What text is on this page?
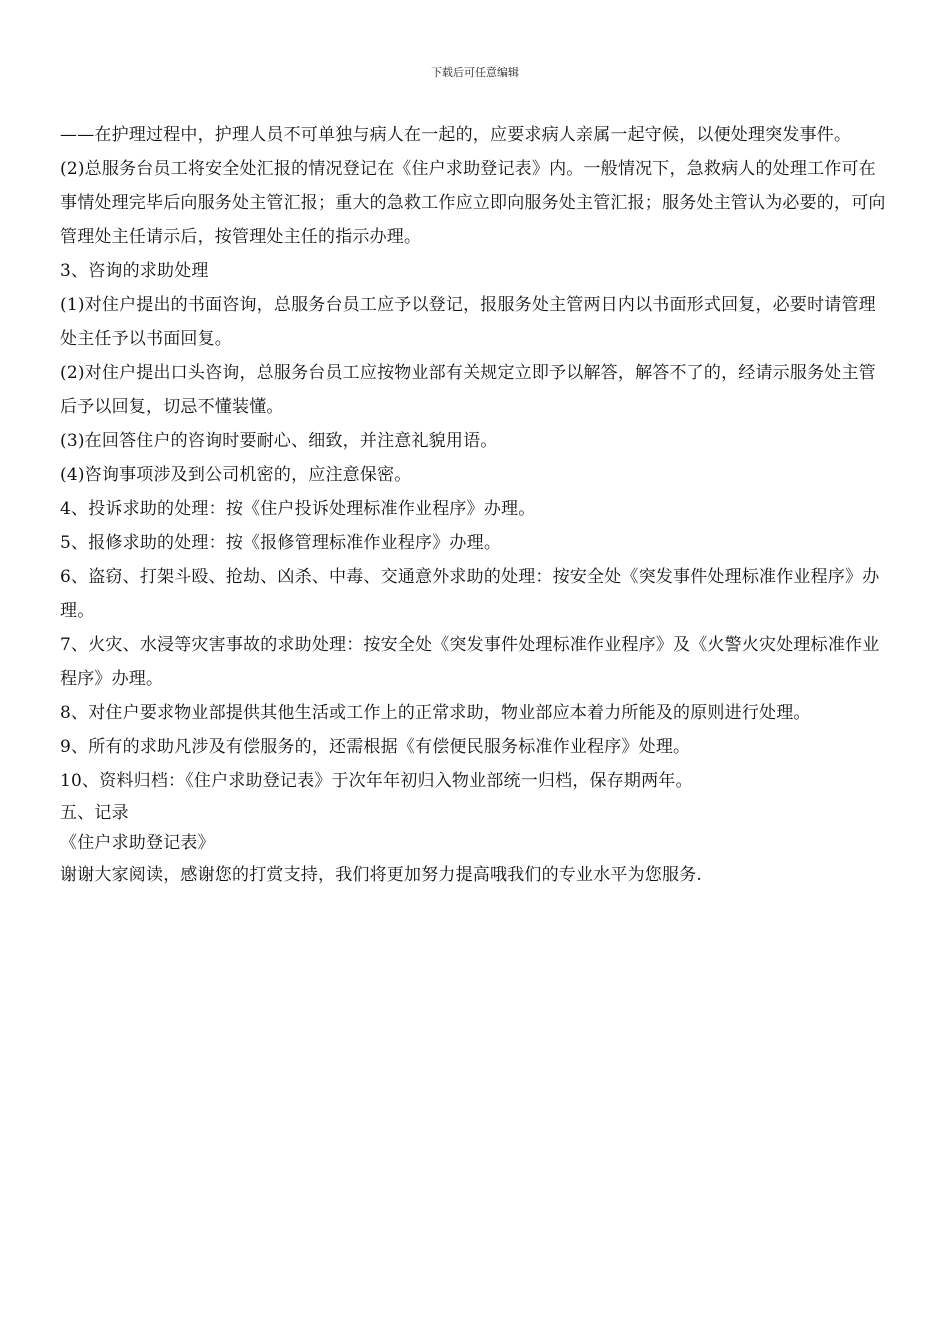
下载后可任意编辑

——在护理过程中，护理人员不可单独与病人在一起的，应要求病人亲属一起守候，以便处理突发事件。

(2)总服务台员工将安全处汇报的情况登记在《住户求助登记表》内。一般情况下，急救病人的处理工作可在事情处理完毕后向服务处主管汇报；重大的急救工作应立即向服务处主管汇报；服务处主管认为必要的，可向管理处主任请示后，按管理处主任的指示办理。

3、咨询的求助处理

(1)对住户提出的书面咨询，总服务台员工应予以登记，报服务处主管两日内以书面形式回复，必要时请管理处主任予以书面回复。

(2)对住户提出口头咨询，总服务台员工应按物业部有关规定立即予以解答，解答不了的，经请示服务处主管后予以回复，切忌不懂装懂。

(3)在回答住户的咨询时要耐心、细致，并注意礼貌用语。

(4)咨询事项涉及到公司机密的，应注意保密。

4、投诉求助的处理：按《住户投诉处理标准作业程序》办理。

5、报修求助的处理：按《报修管理标准作业程序》办理。

6、盗窃、打架斗殴、抢劫、凶杀、中毒、交通意外求助的处理：按安全处《突发事件处理标准作业程序》办理。

7、火灾、水浸等灾害事故的求助处理：按安全处《突发事件处理标准作业程序》及《火警火灾处理标准作业程序》办理。

8、对住户要求物业部提供其他生活或工作上的正常求助，物业部应本着力所能及的原则进行处理。

9、所有的求助凡涉及有偿服务的，还需根据《有偿便民服务标准作业程序》处理。

10、资料归档：《住户求助登记表》于次年年初归入物业部统一归档，保存期两年。

五、记录

《住户求助登记表》

谢谢大家阅读，感谢您的打赏支持，我们将更加努力提高哦我们的专业水平为您服务.
